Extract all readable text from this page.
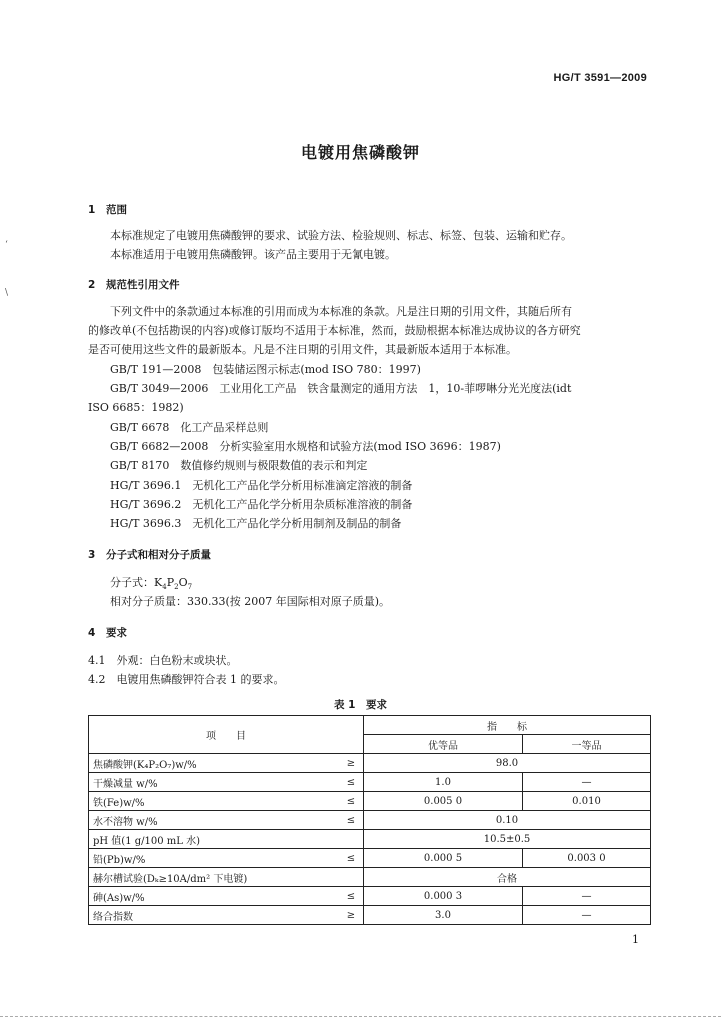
HG/T 3591—2009
电镀用焦磷酸钾
ʻ
\
1 范围
本标准规定了电镀用焦磷酸钾的要求、试验方法、检验规则、标志、标签、包装、运输和贮存。
本标准适用于电镀用焦磷酸钾。该产品主要用于无氰电镀。
2 规范性引用文件
下列文件中的条款通过本标准的引用而成为本标准的条款。凡是注日期的引用文件，其随后所有
的修改单(不包括勘误的内容)或修订版均不适用于本标准，然而，鼓励根据本标准达成协议的各方研究
是否可使用这些文件的最新版本。凡是不注日期的引用文件，其最新版本适用于本标准。
GB/T 191—2008　包装储运图示标志(mod ISO 780：1997)
GB/T 3049—2006　工业用化工产品　铁含量测定的通用方法　1，10-菲啰啉分光光度法(idt
ISO 6685：1982)
GB/T 6678　化工产品采样总则
GB/T 6682—2008　分析实验室用水规格和试验方法(mod ISO 3696：1987)
GB/T 8170　数值修约规则与极限数值的表示和判定
HG/T 3696.1　无机化工产品化学分析用标准滴定溶液的制备
HG/T 3696.2　无机化工产品化学分析用杂质标准溶液的制备
HG/T 3696.3　无机化工产品化学分析用制剂及制品的制备
3 分子式和相对分子质量
分子式：$K_4P_2O_7$
相对分子质量：330.33(按 2007 年国际相对原子质量)。
4 要求
4.1　外观：白色粉末或块状。
4.2　电镀用焦磷酸钾符合表 1 的要求。
表 1　要求
项　　目		指　　标	
		优等品	一等品
焦磷酸钾(K₄P₂O₇)w/%	≥	98.0	
干燥减量 w/%	≤	1.0	—
铁(Fe)w/%	≤	0.005 0	0.010
水不溶物 w/%	≤	0.10	
pH 值(1 g/100 mL 水)		10.5±0.5	
铅(Pb)w/%	≤	0.000 5	0.003 0
赫尔槽试验(Dₖ≥10A/dm² 下电镀)		合格	
砷(As)w/%	≤	0.000 3	—
络合指数	≥	3.0	—
1
